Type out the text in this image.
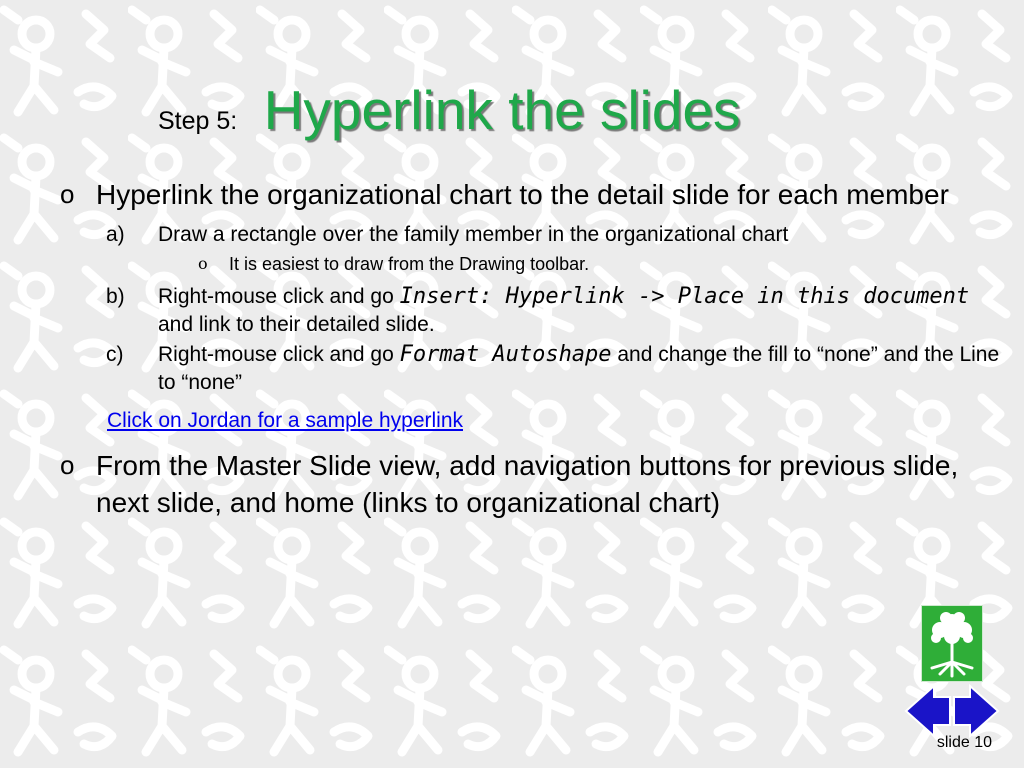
Step 5: Hyperlink the slides
o Hyperlink the organizational chart to the detail slide for each member
a) Draw a rectangle over the family member in the organizational chart
o It is easiest to draw from the Drawing toolbar.
b) Right-mouse click and go Insert: Hyperlink -> Place in this document and link to their detailed slide.
c) Right-mouse click and go Format Autoshape and change the fill to “none” and the Line to “none”
Click on Jordan for a sample hyperlink
o From the Master Slide view, add navigation buttons for previous slide, next slide, and home (links to organizational chart)
slide 10
